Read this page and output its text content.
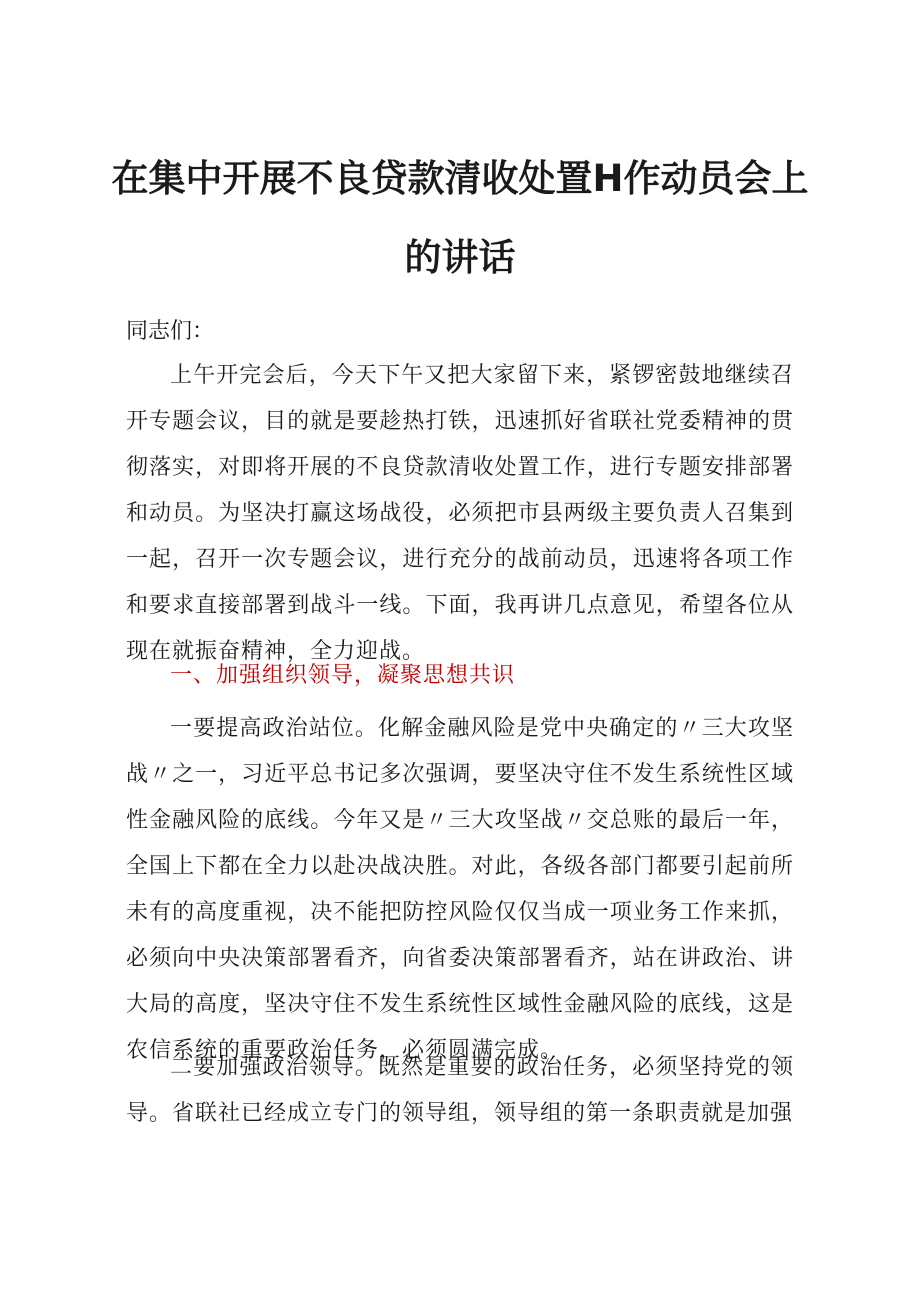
在集中开展不良贷款清收处置H作动员会上
的讲话

同志们：

上午开完会后，今天下午又把大家留下来，紧锣密鼓地继续召开专题会议，目的就是要趁热打铁，迅速抓好省联社党委精神的贯彻落实，对即将开展的不良贷款清收处置工作，进行专题安排部署和动员。为坚决打赢这场战役，必须把市县两级主要负责人召集到一起，召开一次专题会议，进行充分的战前动员，迅速将各项工作和要求直接部署到战斗一线。下面，我再讲几点意见，希望各位从现在就振奋精神，全力迎战。

一、加强组织领导，凝聚思想共识

一要提高政治站位。化解金融风险是党中央确定的〃三大攻坚战〃之一，习近平总书记多次强调，要坚决守住不发生系统性区域性金融风险的底线。今年又是〃三大攻坚战〃交总账的最后一年，全国上下都在全力以赴决战决胜。对此，各级各部门都要引起前所未有的高度重视，决不能把防控风险仅仅当成一项业务工作来抓，必须向中央决策部署看齐，向省委决策部署看齐，站在讲政治、讲大局的高度，坚决守住不发生系统性区域性金融风险的底线，这是农信系统的重要政治任务，必须圆满完成。

二要加强政治领导。既然是重要的政治任务，必须坚持党的领导。省联社已经成立专门的领导组，领导组的第一条职责就是加强
